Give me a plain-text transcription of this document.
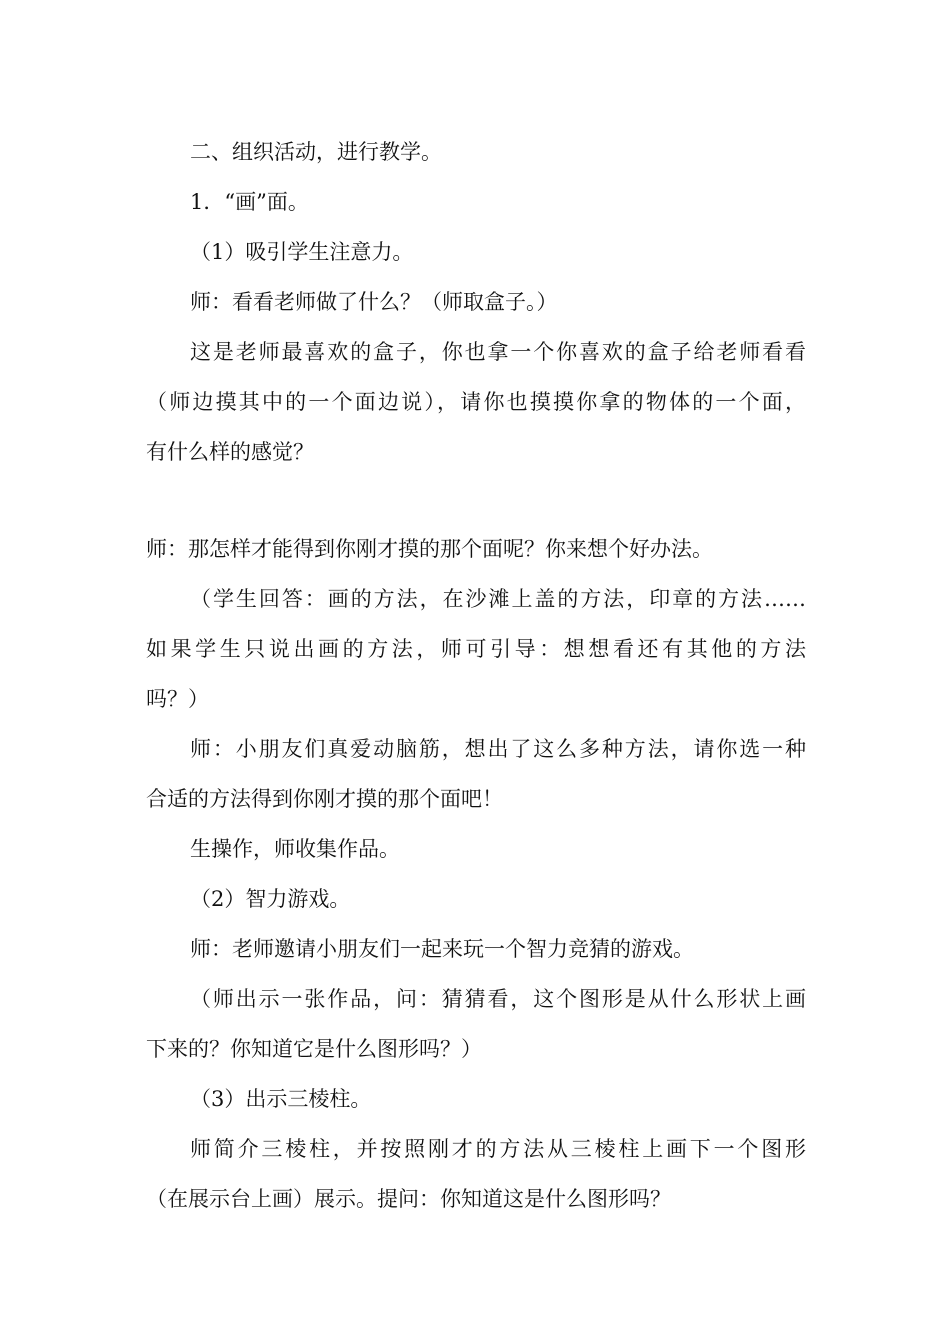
二、组织活动，进行教学。
1．“画”面。
（1）吸引学生注意力。
师：看看老师做了什么？（师取盒子。）
这是老师最喜欢的盒子，你也拿一个你喜欢的盒子给老师看看
（师边摸其中的一个面边说），请你也摸摸你拿的物体的一个面，
有什么样的感觉？
师：那怎样才能得到你刚才摸的那个面呢？你来想个好办法。
（学生回答：画的方法，在沙滩上盖的方法，印章的方法……
如果学生只说出画的方法，师可引导：想想看还有其他的方法
吗？）
师：小朋友们真爱动脑筋，想出了这么多种方法，请你选一种
合适的方法得到你刚才摸的那个面吧！
生操作，师收集作品。
（2）智力游戏。
师：老师邀请小朋友们一起来玩一个智力竞猜的游戏。
（师出示一张作品，问：猜猜看，这个图形是从什么形状上画
下来的？你知道它是什么图形吗？）
（3）出示三棱柱。
师简介三棱柱，并按照刚才的方法从三棱柱上画下一个图形
（在展示台上画）展示。提问：你知道这是什么图形吗？
